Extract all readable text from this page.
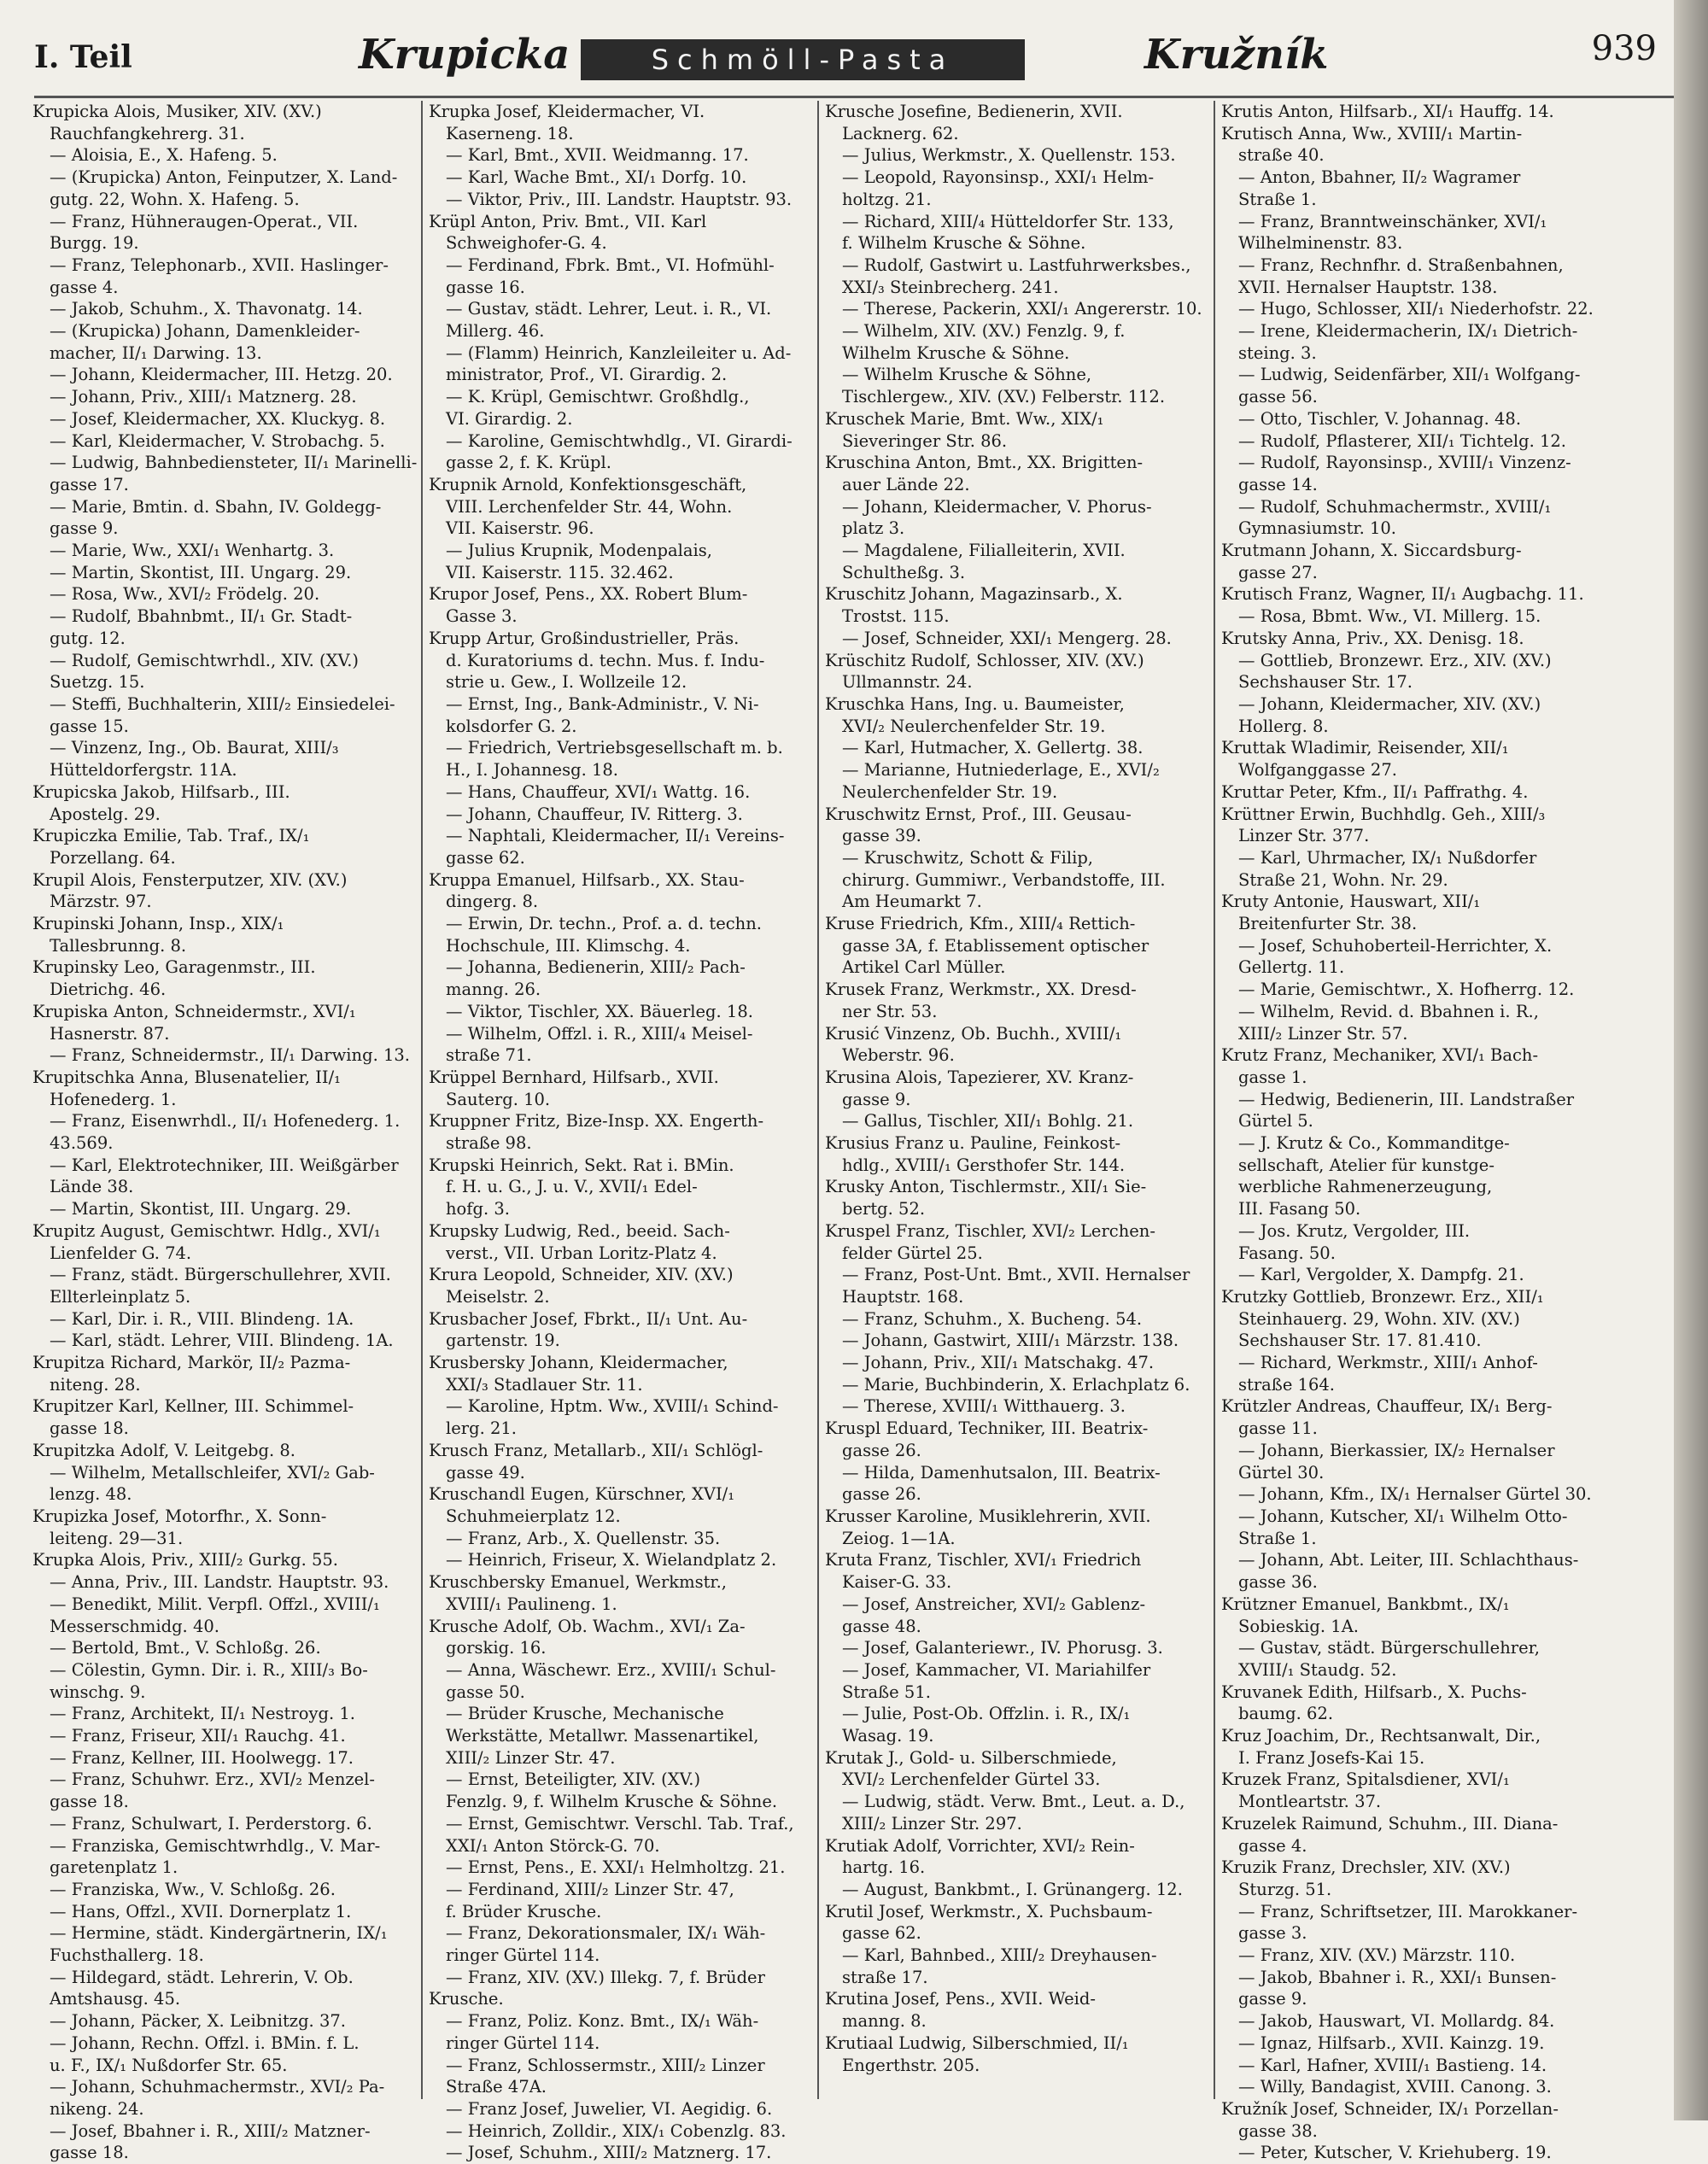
I. Teil	Krupicka	Schmöll-Pasta	Kružník	939
Krupicka Alois, Musiker, XIV. (XV.)
Rauchfangkehrerg. 31.
— Aloisia, E., X. Hafeng. 5.
— (Krupicka) Anton, Feinputzer, X. Land-
gutg. 22, Wohn. X. Hafeng. 5.
— Franz, Hühneraugen-Operat., VII.
Burgg. 19.
— Franz, Telephonarb., XVII. Haslinger-
gasse 4.
— Jakob, Schuhm., X. Thavonatg. 14.
— (Krupicka) Johann, Damenkleider-
macher, II/₁ Darwing. 13.
— Johann, Kleidermacher, III. Hetzg. 20.
— Johann, Priv., XIII/₁ Matznerg. 28.
— Josef, Kleidermacher, XX. Kluckyg. 8.
— Karl, Kleidermacher, V. Strobachg. 5.
— Ludwig, Bahnbediensteter, II/₁ Marinelli-
gasse 17.
— Marie, Bmtin. d. Sbahn, IV. Goldegg-
gasse 9.
— Marie, Ww., XXI/₁ Wenhartg. 3.
— Martin, Skontist, III. Ungarg. 29.
— Rosa, Ww., XVI/₂ Frödelg. 20.
— Rudolf, Bbahnbmt., II/₁ Gr. Stadt-
gutg. 12.
— Rudolf, Gemischtwrhdl., XIV. (XV.)
Suetzg. 15.
— Steffi, Buchhalterin, XIII/₂ Einsiedelei-
gasse 15.
— Vinzenz, Ing., Ob. Baurat, XIII/₃
Hütteldorfergstr. 11A.
Krupicska Jakob, Hilfsarb., III.
Apostelg. 29.
Krupiczka Emilie, Tab. Traf., IX/₁
Porzellang. 64.
Krupil Alois, Fensterputzer, XIV. (XV.)
Märzstr. 97.
Krupinski Johann, Insp., XIX/₁
Tallesbrunng. 8.
Krupinsky Leo, Garagenmstr., III.
Dietrichg. 46.
Krupiska Anton, Schneidermstr., XVI/₁
Hasnerstr. 87.
— Franz, Schneidermstr., II/₁ Darwing. 13.
Krupitschka Anna, Blusenatelier, II/₁
Hofenederg. 1.
— Franz, Eisenwrhdl., II/₁ Hofenederg. 1.
43.569.
— Karl, Elektrotechniker, III. Weißgärber
Lände 38.
— Martin, Skontist, III. Ungarg. 29.
Krupitz August, Gemischtwr. Hdlg., XVI/₁
Lienfelder G. 74.
— Franz, städt. Bürgerschullehrer, XVII.
Ellterleinplatz 5.
— Karl, Dir. i. R., VIII. Blindeng. 1A.
— Karl, städt. Lehrer, VIII. Blindeng. 1A.
Krupitza Richard, Markör, II/₂ Pazma-
niteng. 28.
Krupitzer Karl, Kellner, III. Schimmel-
gasse 18.
Krupitzka Adolf, V. Leitgebg. 8.
— Wilhelm, Metallschleifer, XVI/₂ Gab-
lenzg. 48.
Krupizka Josef, Motorfhr., X. Sonn-
leiteng. 29—31.
Krupka Alois, Priv., XIII/₂ Gurkg. 55.
— Anna, Priv., III. Landstr. Hauptstr. 93.
— Benedikt, Milit. Verpfl. Offzl., XVIII/₁
Messerschmidg. 40.
— Bertold, Bmt., V. Schloßg. 26.
— Cölestin, Gymn. Dir. i. R., XIII/₃ Bo-
winschg. 9.
— Franz, Architekt, II/₁ Nestroyg. 1.
— Franz, Friseur, XII/₁ Rauchg. 41.
— Franz, Kellner, III. Hoolwegg. 17.
— Franz, Schuhwr. Erz., XVI/₂ Menzel-
gasse 18.
— Franz, Schulwart, I. Perderstorg. 6.
— Franziska, Gemischtwrhdlg., V. Mar-
garetenplatz 1.
— Franziska, Ww., V. Schloßg. 26.
— Hans, Offzl., XVII. Dornerplatz 1.
— Hermine, städt. Kindergärtnerin, IX/₁
Fuchsthallerg. 18.
— Hildegard, städt. Lehrerin, V. Ob.
Amtshausg. 45.
— Johann, Päcker, X. Leibnitzg. 37.
— Johann, Rechn. Offzl. i. BMin. f. L.
u. F., IX/₁ Nußdorfer Str. 65.
— Johann, Schuhmachermstr., XVI/₂ Pa-
nikeng. 24.
— Josef, Bbahner i. R., XIII/₂ Matzner-
gasse 18.
Krupka Josef, Kleidermacher, VI.
Kaserneng. 18.
— Karl, Bmt., XVII. Weidmanng. 17.
— Karl, Wache Bmt., XI/₁ Dorfg. 10.
— Viktor, Priv., III. Landstr. Hauptstr. 93.
Krüpl Anton, Priv. Bmt., VII. Karl
Schweighofer-G. 4.
— Ferdinand, Fbrk. Bmt., VI. Hofmühl-
gasse 16.
— Gustav, städt. Lehrer, Leut. i. R., VI.
Millerg. 46.
— (Flamm) Heinrich, Kanzleileiter u. Ad-
ministrator, Prof., VI. Girardig. 2.
— K. Krüpl, Gemischtwr. Großhdlg.,
VI. Girardig. 2.
— Karoline, Gemischtwhdlg., VI. Girardi-
gasse 2, f. K. Krüpl.
Krupnik Arnold, Konfektionsgeschäft,
VIII. Lerchenfelder Str. 44, Wohn.
VII. Kaiserstr. 96.
— Julius Krupnik, Modenpalais,
VII. Kaiserstr. 115. 32.462.
Krupor Josef, Pens., XX. Robert Blum-
Gasse 3.
Krupp Artur, Großindustrieller, Präs.
d. Kuratoriums d. techn. Mus. f. Indu-
strie u. Gew., I. Wollzeile 12.
— Ernst, Ing., Bank-Administr., V. Ni-
kolsdorfer G. 2.
— Friedrich, Vertriebsgesellschaft m. b.
H., I. Johannesg. 18.
— Hans, Chauffeur, XVI/₁ Wattg. 16.
— Johann, Chauffeur, IV. Ritterg. 3.
— Naphtali, Kleidermacher, II/₁ Vereins-
gasse 62.
Kruppa Emanuel, Hilfsarb., XX. Stau-
dingerg. 8.
— Erwin, Dr. techn., Prof. a. d. techn.
Hochschule, III. Klimschg. 4.
— Johanna, Bedienerin, XIII/₂ Pach-
manng. 26.
— Viktor, Tischler, XX. Bäuerleg. 18.
— Wilhelm, Offzl. i. R., XIII/₄ Meisel-
straße 71.
Krüppel Bernhard, Hilfsarb., XVII.
Sauterg. 10.
Kruppner Fritz, Bize-Insp. XX. Engerth-
straße 98.
Krupski Heinrich, Sekt. Rat i. BMin.
f. H. u. G., J. u. V., XVII/₁ Edel-
hofg. 3.
Krupsky Ludwig, Red., beeid. Sach-
verst., VII. Urban Loritz-Platz 4.
Krura Leopold, Schneider, XIV. (XV.)
Meiselstr. 2.
Krusbacher Josef, Fbrkt., II/₁ Unt. Au-
gartenstr. 19.
Krusbersky Johann, Kleidermacher,
XXI/₃ Stadlauer Str. 11.
— Karoline, Hptm. Ww., XVIII/₁ Schind-
lerg. 21.
Krusch Franz, Metallarb., XII/₁ Schlögl-
gasse 49.
Kruschandl Eugen, Kürschner, XVI/₁
Schuhmeierplatz 12.
— Franz, Arb., X. Quellenstr. 35.
— Heinrich, Friseur, X. Wielandplatz 2.
Kruschbersky Emanuel, Werkmstr.,
XVIII/₁ Paulineng. 1.
Krusche Adolf, Ob. Wachm., XVI/₁ Za-
gorskig. 16.
— Anna, Wäschewr. Erz., XVIII/₁ Schul-
gasse 50.
— Brüder Krusche, Mechanische
Werkstätte, Metallwr. Massenartikel,
XIII/₂ Linzer Str. 47.
— Ernst, Beteiligter, XIV. (XV.)
Fenzlg. 9, f. Wilhelm Krusche & Söhne.
— Ernst, Gemischtwr. Verschl. Tab. Traf.,
XXI/₁ Anton Störck-G. 70.
— Ernst, Pens., E. XXI/₁ Helmholtzg. 21.
— Ferdinand, XIII/₂ Linzer Str. 47,
f. Brüder Krusche.
— Franz, Dekorationsmaler, IX/₁ Wäh-
ringer Gürtel 114.
— Franz, XIV. (XV.) Illekg. 7, f. Brüder
Krusche.
— Franz, Poliz. Konz. Bmt., IX/₁ Wäh-
ringer Gürtel 114.
— Franz, Schlossermstr., XIII/₂ Linzer
Straße 47A.
— Franz Josef, Juwelier, VI. Aegidig. 6.
— Heinrich, Zolldir., XIX/₁ Cobenzlg. 83.
— Josef, Schuhm., XIII/₂ Matznerg. 17.
Krusche Josefine, Bedienerin, XVII.
Lacknerg. 62.
— Julius, Werkmstr., X. Quellenstr. 153.
— Leopold, Rayonsinsp., XXI/₁ Helm-
holtzg. 21.
— Richard, XIII/₄ Hütteldorfer Str. 133,
f. Wilhelm Krusche & Söhne.
— Rudolf, Gastwirt u. Lastfuhrwerksbes.,
XXI/₃ Steinbrecherg. 241.
— Therese, Packerin, XXI/₁ Angererstr. 10.
— Wilhelm, XIV. (XV.) Fenzlg. 9, f.
Wilhelm Krusche & Söhne.
— Wilhelm Krusche & Söhne,
Tischlergew., XIV. (XV.) Felberstr. 112.
Kruschek Marie, Bmt. Ww., XIX/₁
Sieveringer Str. 86.
Kruschina Anton, Bmt., XX. Brigitten-
auer Lände 22.
— Johann, Kleidermacher, V. Phorus-
platz 3.
— Magdalene, Filialleiterin, XVII.
Schultheßg. 3.
Kruschitz Johann, Magazinsarb., X.
Trostst. 115.
— Josef, Schneider, XXI/₁ Mengerg. 28.
Krüschitz Rudolf, Schlosser, XIV. (XV.)
Ullmannstr. 24.
Kruschka Hans, Ing. u. Baumeister,
XVI/₂ Neulerchenfelder Str. 19.
— Karl, Hutmacher, X. Gellertg. 38.
— Marianne, Hutniederlage, E., XVI/₂
Neulerchenfelder Str. 19.
Kruschwitz Ernst, Prof., III. Geusau-
gasse 39.
— Kruschwitz, Schott & Filip,
chirurg. Gummiwr., Verbandstoffe, III.
Am Heumarkt 7.
Kruse Friedrich, Kfm., XIII/₄ Rettich-
gasse 3A, f. Etablissement optischer
Artikel Carl Müller.
Krusek Franz, Werkmstr., XX. Dresd-
ner Str. 53.
Krusić Vinzenz, Ob. Buchh., XVIII/₁
Weberstr. 96.
Krusina Alois, Tapezierer, XV. Kranz-
gasse 9.
— Gallus, Tischler, XII/₁ Bohlg. 21.
Krusius Franz u. Pauline, Feinkost-
hdlg., XVIII/₁ Gersthofer Str. 144.
Krusky Anton, Tischlermstr., XII/₁ Sie-
bertg. 52.
Kruspel Franz, Tischler, XVI/₂ Lerchen-
felder Gürtel 25.
— Franz, Post-Unt. Bmt., XVII. Hernalser
Hauptstr. 168.
— Franz, Schuhm., X. Bucheng. 54.
— Johann, Gastwirt, XIII/₁ Märzstr. 138.
— Johann, Priv., XII/₁ Matschakg. 47.
— Marie, Buchbinderin, X. Erlachplatz 6.
— Therese, XVIII/₁ Witthauerg. 3.
Kruspl Eduard, Techniker, III. Beatrix-
gasse 26.
— Hilda, Damenhutsalon, III. Beatrix-
gasse 26.
Krusser Karoline, Musiklehrerin, XVII.
Zeiog. 1—1A.
Kruta Franz, Tischler, XVI/₁ Friedrich
Kaiser-G. 33.
— Josef, Anstreicher, XVI/₂ Gablenz-
gasse 48.
— Josef, Galanteriewr., IV. Phorusg. 3.
— Josef, Kammacher, VI. Mariahilfer
Straße 51.
— Julie, Post-Ob. Offzlin. i. R., IX/₁
Wasag. 19.
Krutak J., Gold- u. Silberschmiede,
XVI/₂ Lerchenfelder Gürtel 33.
— Ludwig, städt. Verw. Bmt., Leut. a. D.,
XIII/₂ Linzer Str. 297.
Krutiak Adolf, Vorrichter, XVI/₂ Rein-
hartg. 16.
— August, Bankbmt., I. Grünangerg. 12.
Krutil Josef, Werkmstr., X. Puchsbaum-
gasse 62.
— Karl, Bahnbed., XIII/₂ Dreyhausen-
straße 17.
Krutina Josef, Pens., XVII. Weid-
manng. 8.
Krutiaal Ludwig, Silberschmied, II/₁
Engerthstr. 205.
Krutis Anton, Hilfsarb., XI/₁ Hauffg. 14.
Krutisch Anna, Ww., XVIII/₁ Martin-
straße 40.
— Anton, Bbahner, II/₂ Wagramer
Straße 1.
— Franz, Branntweinschänker, XVI/₁
Wilhelminenstr. 83.
— Franz, Rechnfhr. d. Straßenbahnen,
XVII. Hernalser Hauptstr. 138.
— Hugo, Schlosser, XII/₁ Niederhofstr. 22.
— Irene, Kleidermacherin, IX/₁ Dietrich-
steing. 3.
— Ludwig, Seidenfärber, XII/₁ Wolfgang-
gasse 56.
— Otto, Tischler, V. Johannag. 48.
— Rudolf, Pflasterer, XII/₁ Tichtelg. 12.
— Rudolf, Rayonsinsp., XVIII/₁ Vinzenz-
gasse 14.
— Rudolf, Schuhmachermstr., XVIII/₁
Gymnasiumstr. 10.
Krutmann Johann, X. Siccardsburg-
gasse 27.
Krutisch Franz, Wagner, II/₁ Augbachg. 11.
— Rosa, Bbmt. Ww., VI. Millerg. 15.
Krutsky Anna, Priv., XX. Denisg. 18.
— Gottlieb, Bronzewr. Erz., XIV. (XV.)
Sechshauser Str. 17.
— Johann, Kleidermacher, XIV. (XV.)
Hollerg. 8.
Kruttak Wladimir, Reisender, XII/₁
Wolfganggasse 27.
Kruttar Peter, Kfm., II/₁ Paffrathg. 4.
Krüttner Erwin, Buchhdlg. Geh., XIII/₃
Linzer Str. 377.
— Karl, Uhrmacher, IX/₁ Nußdorfer
Straße 21, Wohn. Nr. 29.
Kruty Antonie, Hauswart, XII/₁
Breitenfurter Str. 38.
— Josef, Schuhoberteil-Herrichter, X.
Gellertg. 11.
— Marie, Gemischtwr., X. Hofherrg. 12.
— Wilhelm, Revid. d. Bbahnen i. R.,
XIII/₂ Linzer Str. 57.
Krutz Franz, Mechaniker, XVI/₁ Bach-
gasse 1.
— Hedwig, Bedienerin, III. Landstraßer
Gürtel 5.
— J. Krutz & Co., Kommanditge-
sellschaft, Atelier für kunstge-
werbliche Rahmenerzeugung,
III. Fasang 50.
— Jos. Krutz, Vergolder, III.
Fasang. 50.
— Karl, Vergolder, X. Dampfg. 21.
Krutzky Gottlieb, Bronzewr. Erz., XII/₁
Steinhauerg. 29, Wohn. XIV. (XV.)
Sechshauser Str. 17. 81.410.
— Richard, Werkmstr., XIII/₁ Anhof-
straße 164.
Krützler Andreas, Chauffeur, IX/₁ Berg-
gasse 11.
— Johann, Bierkassier, IX/₂ Hernalser
Gürtel 30.
— Johann, Kfm., IX/₁ Hernalser Gürtel 30.
— Johann, Kutscher, XI/₁ Wilhelm Otto-
Straße 1.
— Johann, Abt. Leiter, III. Schlachthaus-
gasse 36.
Krützner Emanuel, Bankbmt., IX/₁
Sobieskig. 1A.
— Gustav, städt. Bürgerschullehrer,
XVIII/₁ Staudg. 52.
Kruvanek Edith, Hilfsarb., X. Puchs-
baumg. 62.
Kruz Joachim, Dr., Rechtsanwalt, Dir.,
I. Franz Josefs-Kai 15.
Kruzek Franz, Spitalsdiener, XVI/₁
Montleartstr. 37.
Kruzelek Raimund, Schuhm., III. Diana-
gasse 4.
Kruzik Franz, Drechsler, XIV. (XV.)
Sturzg. 51.
— Franz, Schriftsetzer, III. Marokkaner-
gasse 3.
— Franz, XIV. (XV.) Märzstr. 110.
— Jakob, Bbahner i. R., XXI/₁ Bunsen-
gasse 9.
— Jakob, Hauswart, VI. Mollardg. 84.
— Ignaz, Hilfsarb., XVII. Kainzg. 19.
— Karl, Hafner, XVIII/₁ Bastieng. 14.
— Willy, Bandagist, XVIII. Canong. 3.
Kružník Josef, Schneider, IX/₁ Porzellan-
gasse 38.
— Peter, Kutscher, V. Kriehuberg. 19.
